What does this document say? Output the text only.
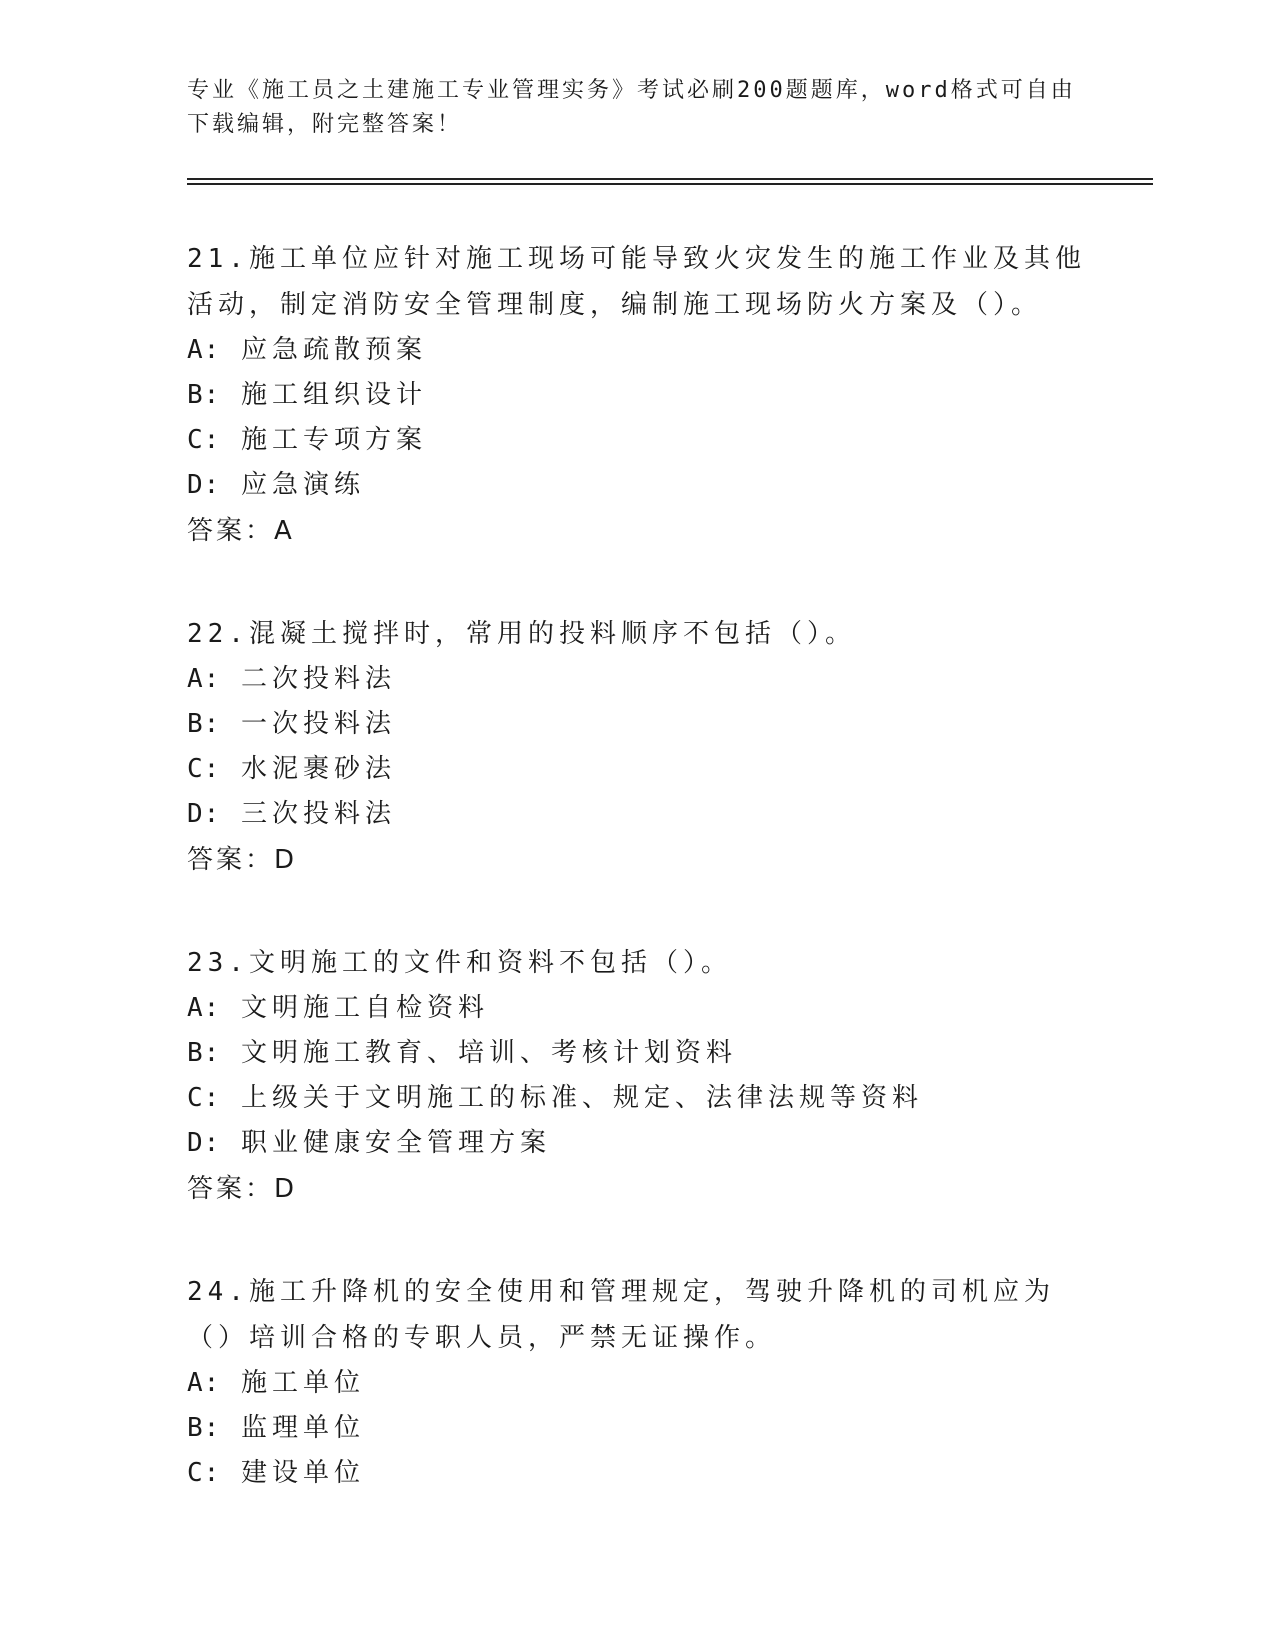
专业《施工员之土建施工专业管理实务》考试必刷200题题库，word格式可自由下载编辑，附完整答案！
21.施工单位应针对施工现场可能导致火灾发生的施工作业及其他活动，制定消防安全管理制度，编制施工现场防火方案及（）。
A: 应急疏散预案
B: 施工组织设计
C: 施工专项方案
D: 应急演练
答案：A
22.混凝土搅拌时，常用的投料顺序不包括（）。
A: 二次投料法
B: 一次投料法
C: 水泥裹砂法
D: 三次投料法
答案：D
23.文明施工的文件和资料不包括（）。
A: 文明施工自检资料
B: 文明施工教育、培训、考核计划资料
C: 上级关于文明施工的标准、规定、法律法规等资料
D: 职业健康安全管理方案
答案：D
24.施工升降机的安全使用和管理规定，驾驶升降机的司机应为（）培训合格的专职人员，严禁无证操作。
A: 施工单位
B: 监理单位
C: 建设单位
